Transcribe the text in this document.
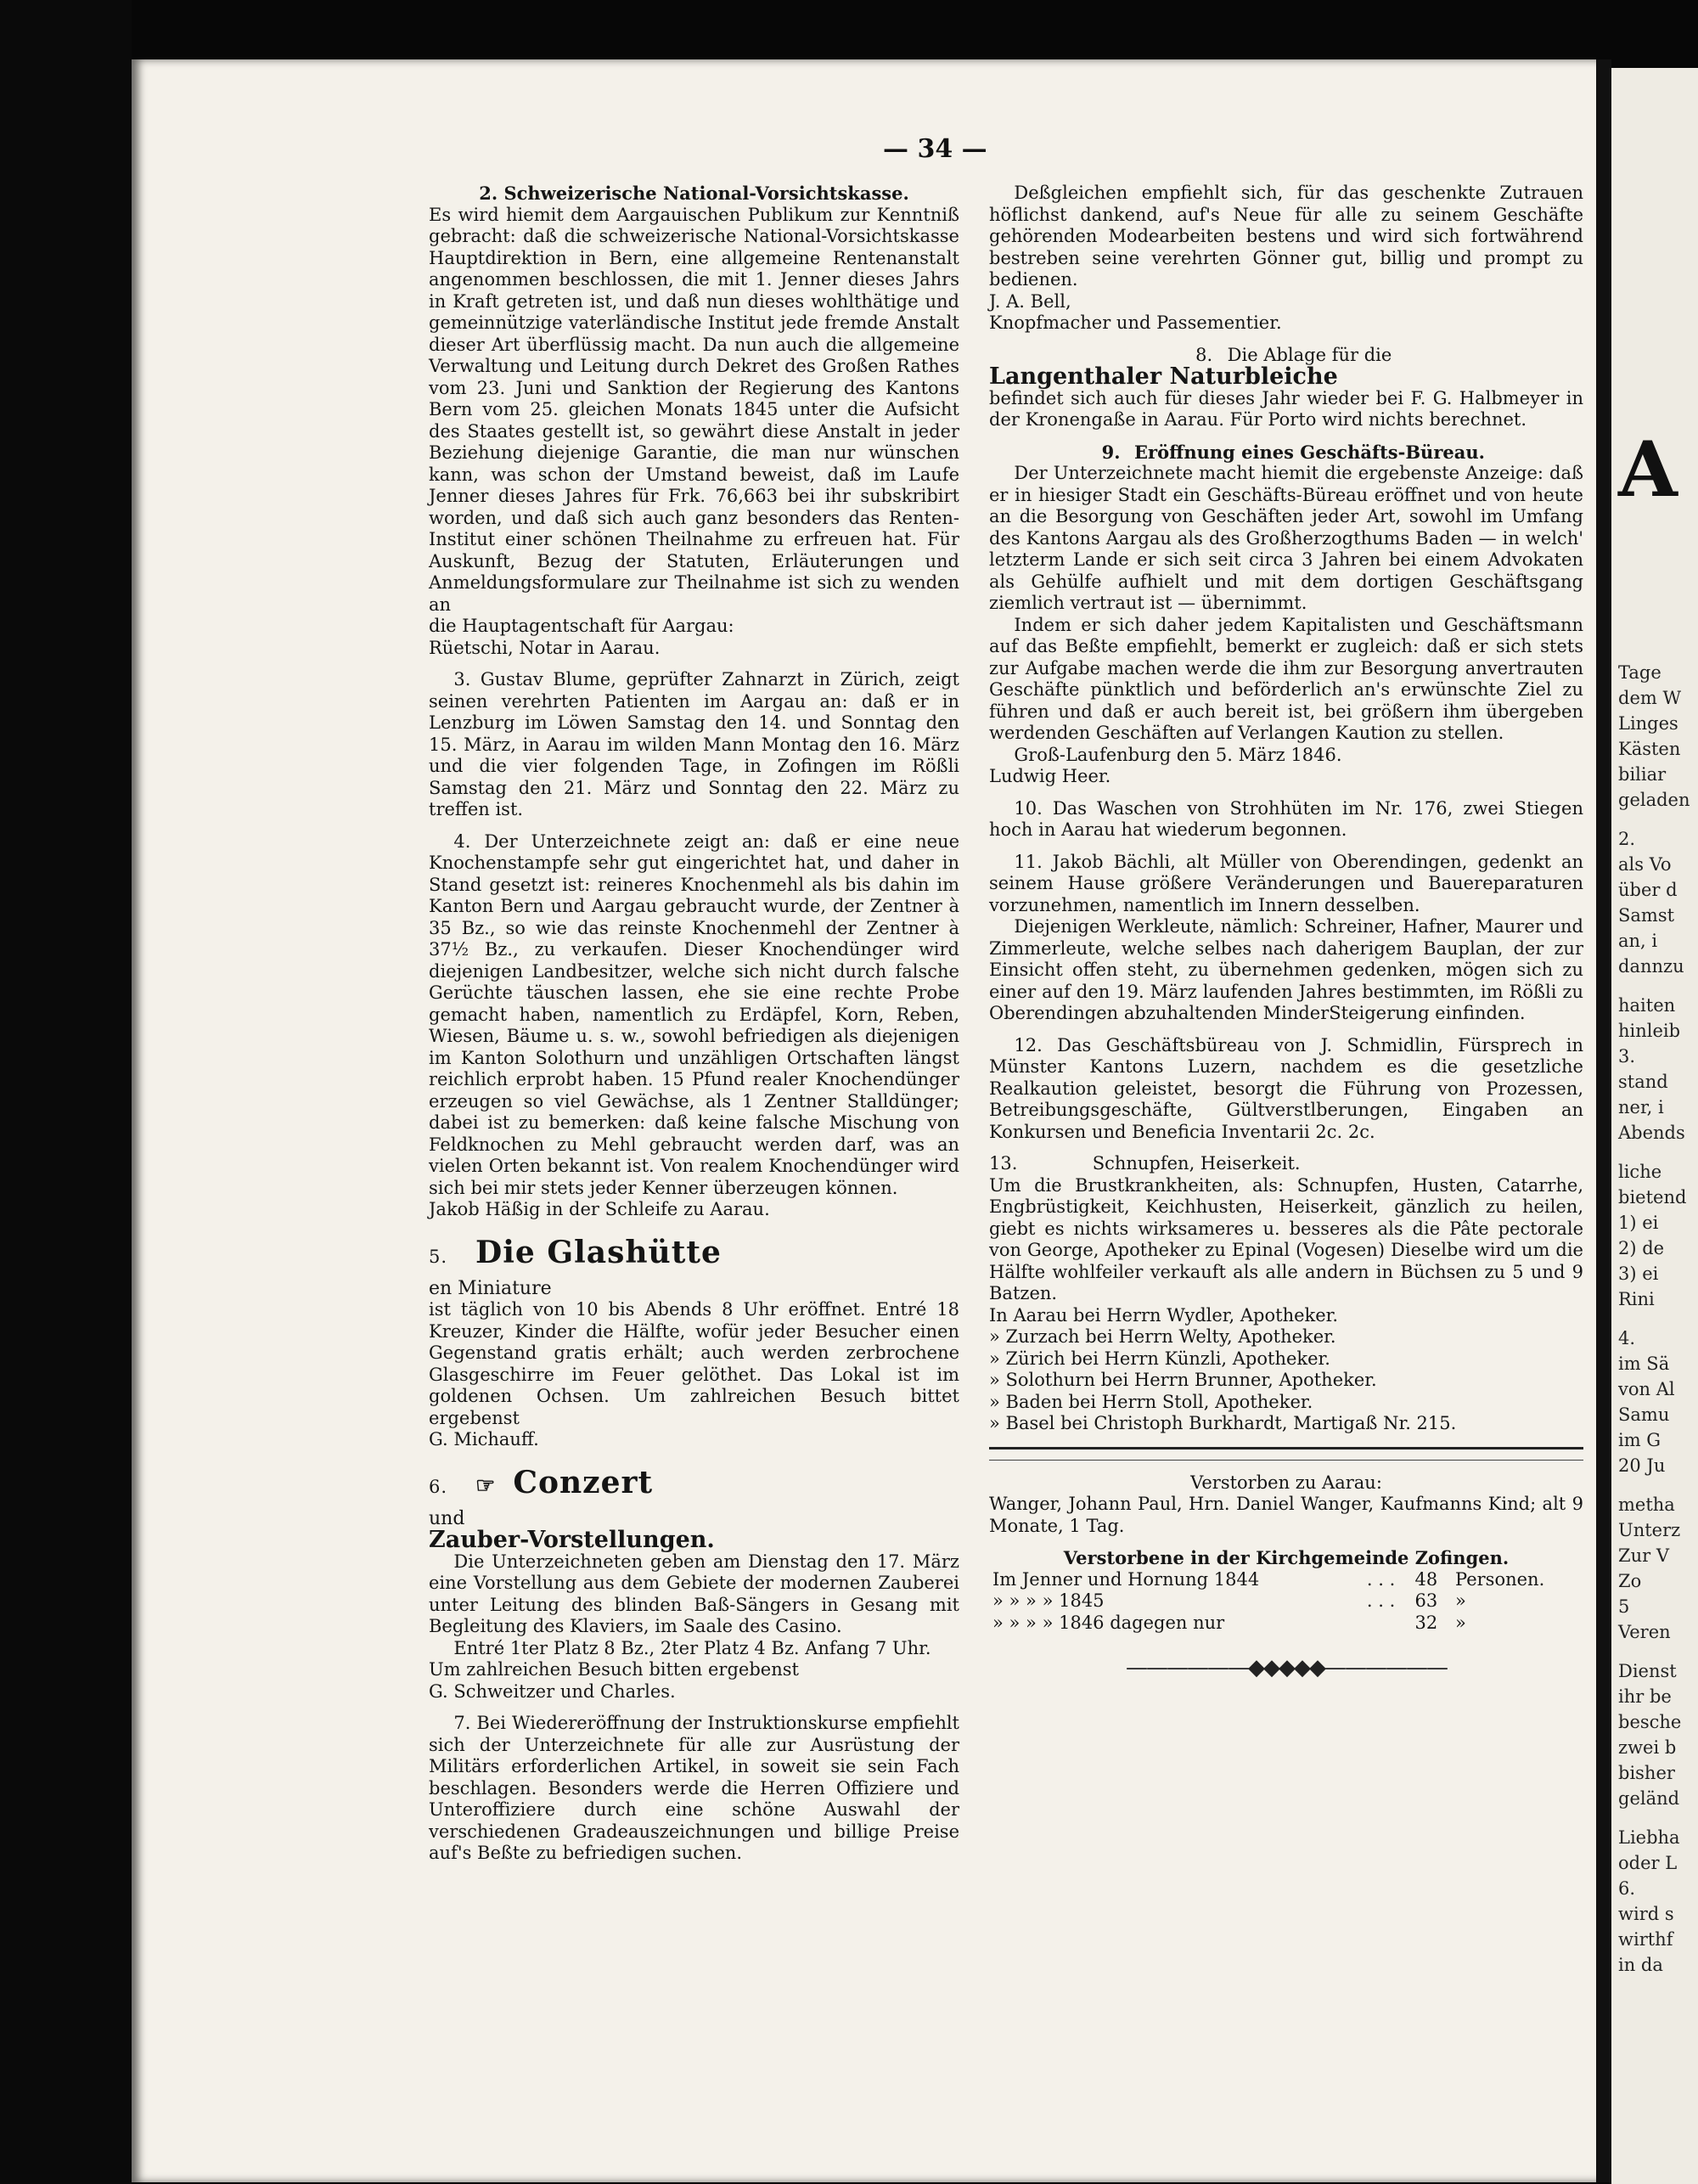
— 34 —

2. Schweizerische National-Vorsichtskasse.

Es wird hiemit dem Aargauischen Publikum zur Kenntniß gebracht: daß die schweizerische National-Vorsichtskasse Hauptdirektion in Bern, eine allgemeine Rentenanstalt angenommen beschlossen, die mit 1. Jenner dieses Jahrs in Kraft getreten ist, und daß nun dieses wohlthätige und gemeinnützige vaterländische Institut jede fremde Anstalt dieser Art überflüssig macht. Da nun auch die allgemeine Verwaltung und Leitung durch Dekret des Großen Rathes vom 23. Juni und Sanktion der Regierung des Kantons Bern vom 25. gleichen Monats 1845 unter die Aufsicht des Staates gestellt ist, so gewährt diese Anstalt in jeder Beziehung diejenige Garantie, die man nur wünschen kann, was schon der Umstand beweist, daß im Laufe Jenner dieses Jahres für Frk. 76,663 bei ihr subskribirt worden, und daß sich auch ganz besonders das Renten-Institut einer schönen Theilnahme zu erfreuen hat. Für Auskunft, Bezug der Statuten, Erläuterungen und Anmeldungsformulare zur Theilnahme ist sich zu wenden an

die Hauptagentschaft für Aargau:

Rüetschi, Notar in Aarau.

3. Gustav Blume, geprüfter Zahnarzt in Zürich, zeigt seinen verehrten Patienten im Aargau an: daß er in Lenzburg im Löwen Samstag den 14. und Sonntag den 15. März, in Aarau im wilden Mann Montag den 16. März und die vier folgenden Tage, in Zofingen im Rößli Samstag den 21. März und Sonntag den 22. März zu treffen ist.

4. Der Unterzeichnete zeigt an: daß er eine neue Knochenstampfe sehr gut eingerichtet hat, und daher in Stand gesetzt ist: reineres Knochenmehl als bis dahin im Kanton Bern und Aargau gebraucht wurde, der Zentner à 35 Bz., so wie das reinste Knochenmehl der Zentner à 37½ Bz., zu verkaufen. Dieser Knochendünger wird diejenigen Landbesitzer, welche sich nicht durch falsche Gerüchte täuschen lassen, ehe sie eine rechte Probe gemacht haben, namentlich zu Erdäpfel, Korn, Reben, Wiesen, Bäume u. s. w., sowohl befriedigen als diejenigen im Kanton Solothurn und unzähligen Ortschaften längst reichlich erprobt haben. 15 Pfund realer Knochendünger erzeugen so viel Gewächse, als 1 Zentner Stalldünger; dabei ist zu bemerken: daß keine falsche Mischung von Feldknochen zu Mehl gebraucht werden darf, was an vielen Orten bekannt ist. Von realem Knochendünger wird sich bei mir stets jeder Kenner überzeugen können.

Jakob Häßig in der Schleife zu Aarau.

5. Die Glashütte

en Miniature

ist täglich von 10 bis Abends 8 Uhr eröffnet. Entré 18 Kreuzer, Kinder die Hälfte, wofür jeder Besucher einen Gegenstand gratis erhält; auch werden zerbrochene Glasgeschirre im Feuer gelöthet. Das Lokal ist im goldenen Ochsen. Um zahlreichen Besuch bittet ergebenst

G. Michauff.

6. ☞ Conzert

und

Zauber-Vorstellungen.

Die Unterzeichneten geben am Dienstag den 17. März eine Vorstellung aus dem Gebiete der modernen Zauberei unter Leitung des blinden Baß-Sängers in Gesang mit Begleitung des Klaviers, im Saale des Casino.

Entré 1ter Platz 8 Bz., 2ter Platz 4 Bz. Anfang 7 Uhr.

Um zahlreichen Besuch bitten ergebenst

G. Schweitzer und Charles.

7. Bei Wiedereröffnung der Instruktionskurse empfiehlt sich der Unterzeichnete für alle zur Ausrüstung der Militärs erforderlichen Artikel, in soweit sie sein Fach beschlagen. Besonders werde die Herren Offiziere und Unteroffiziere durch eine schöne Auswahl der verschiedenen Gradeauszeichnungen und billige Preise auf's Beßte zu befriedigen suchen.

Deßgleichen empfiehlt sich, für das geschenkte Zutrauen höflichst dankend, auf's Neue für alle zu seinem Geschäfte gehörenden Modearbeiten bestens und wird sich fortwährend bestreben seine verehrten Gönner gut, billig und prompt zu bedienen.

J. A. Bell,

Knopfmacher und Passementier.

8. Die Ablage für die

Langenthaler Naturbleiche

befindet sich auch für dieses Jahr wieder bei F. G. Halbmeyer in der Kronengaße in Aarau. Für Porto wird nichts berechnet.

9. Eröffnung eines Geschäfts-Büreau.

Der Unterzeichnete macht hiemit die ergebenste Anzeige: daß er in hiesiger Stadt ein Geschäfts-Büreau eröffnet und von heute an die Besorgung von Geschäften jeder Art, sowohl im Umfang des Kantons Aargau als des Großherzogthums Baden — in welch' letzterm Lande er sich seit circa 3 Jahren bei einem Advokaten als Gehülfe aufhielt und mit dem dortigen Geschäftsgang ziemlich vertraut ist — übernimmt.

Indem er sich daher jedem Kapitalisten und Geschäftsmann auf das Beßte empfiehlt, bemerkt er zugleich: daß er sich stets zur Aufgabe machen werde die ihm zur Besorgung anvertrauten Geschäfte pünktlich und beförderlich an's erwünschte Ziel zu führen und daß er auch bereit ist, bei größern ihm übergeben werdenden Geschäften auf Verlangen Kaution zu stellen.

Groß-Laufenburg den 5. März 1846.

Ludwig Heer.

10. Das Waschen von Strohhüten im Nr. 176, zwei Stiegen hoch in Aarau hat wiederum begonnen.

11. Jakob Bächli, alt Müller von Oberendingen, gedenkt an seinem Hause größere Veränderungen und Bauereparaturen vorzunehmen, namentlich im Innern desselben.

Diejenigen Werkleute, nämlich: Schreiner, Hafner, Maurer und Zimmerleute, welche selbes nach daherigem Bauplan, der zur Einsicht offen steht, zu übernehmen gedenken, mögen sich zu einer auf den 19. März laufenden Jahres bestimmten, im Rößli zu Oberendingen abzuhaltenden MinderSteigerung einfinden.

12. Das Geschäftsbüreau von J. Schmidlin, Fürsprech in Münster Kantons Luzern, nachdem es die gesetzliche Realkaution geleistet, besorgt die Führung von Prozessen, Betreibungsgeschäfte, Gültverstlberungen, Eingaben an Konkursen und Beneficia Inventarii 2c. 2c.

13.	Schnupfen, Heiserkeit.

Um die Brustkrankheiten, als: Schnupfen, Husten, Catarrhe, Engbrüstigkeit, Keichhusten, Heiserkeit, gänzlich zu heilen, giebt es nichts wirksameres u. besseres als die Pâte pectorale von George, Apotheker zu Epinal (Vogesen) Dieselbe wird um die Hälfte wohlfeiler verkauft als alle andern in Büchsen zu 5 und 9 Batzen.

In Aarau bei Herrn Wydler, Apotheker.

» Zurzach bei Herrn Welty, Apotheker.

» Zürich bei Herrn Künzli, Apotheker.

» Solothurn bei Herrn Brunner, Apotheker.

» Baden bei Herrn Stoll, Apotheker.

» Basel bei Christoph Burkhardt, Martigaß Nr. 215.

Verstorben zu Aarau:

Wanger, Johann Paul, Hrn. Daniel Wanger, Kaufmanns Kind; alt 9 Monate, 1 Tag.

Verstorbene in der Kirchgemeinde Zofingen.

Im Jenner und Hornung 1844	. . .	48	Personen.
» » » » 1845	. . .	63	»
» » » » 1846 dagegen nur		32	»
——————◆◆◆◆◆——————
A
Tage
dem W
Linges
Kästen
biliar
geladen
2.
als Vo
über d
Samst
an, i
dannzu
haiten
hinleib
3.
stand
ner, i
Abends
liche
bietend
1) ei
2) de
3) ei
Rini
4.
im Sä
von Al
Samu
im G
20 Ju
metha
Unterz
Zur V
Zo
5
Veren
Dienst
ihr be
besche
zwei b
bisher
geländ
Liebha
oder L
6.
wird s
wirthf
in da
